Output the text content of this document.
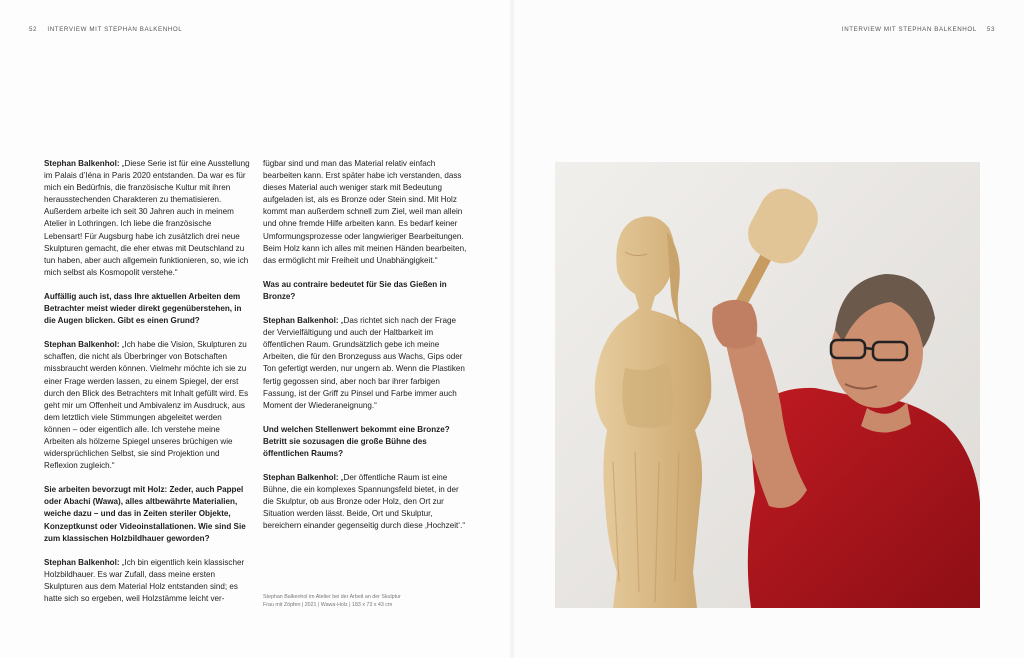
52 INTERVIEW MIT STEPHAN BALKENHOL	INTERVIEW MIT STEPHAN BALKENHOL 53

Stephan Balkenhol: „Diese Serie ist für eine Ausstellung im Palais d’Iéna in Paris 2020 entstanden. Da war es für mich ein Bedürfnis, die französische Kultur mit ihren herausstechenden Charakteren zu thematisieren. Außerdem arbeite ich seit 30 Jahren auch in meinem Atelier in Lothringen. Ich liebe die französische Lebensart! Für Augsburg habe ich zusätzlich drei neue Skulpturen gemacht, die eher etwas mit Deutschland zu tun haben, aber auch allgemein funktionieren, so, wie ich mich selbst als Kosmopolit verstehe.“

Auffällig auch ist, dass Ihre aktuellen Arbeiten dem Betrachter meist wieder direkt gegenüberstehen, in die Augen blicken. Gibt es einen Grund?

Stephan Balkenhol: „Ich habe die Vision, Skulpturen zu schaffen, die nicht als Überbringer von Botschaften missbraucht werden können. Vielmehr möchte ich sie zu einer Frage werden lassen, zu einem Spiegel, der erst durch den Blick des Betrachters mit Inhalt gefüllt wird. Es geht mir um Offenheit und Ambivalenz im Ausdruck, aus dem letztlich viele Stimmungen abgeleitet werden können – oder eigentlich alle. Ich verstehe meine Arbeiten als hölzerne Spiegel unseres brüchigen wie widersprüchlichen Selbst, sie sind Projektion und Reflexion zugleich.“

Sie arbeiten bevorzugt mit Holz: Zeder, auch Pappel oder Abachi (Wawa), alles altbewährte Materialien, weiche dazu – und das in Zeiten steriler Objekte, Konzeptkunst oder Videoinstallationen. Wie sind Sie zum klassischen Holzbildhauer geworden?

Stephan Balkenhol: „Ich bin eigentlich kein klassischer Holzbildhauer. Es war Zufall, dass meine ersten Skulpturen aus dem Material Holz entstanden sind; es hatte sich so ergeben, weil Holzstämme leicht ver-

fügbar sind und man das Material relativ einfach bearbeiten kann. Erst später habe ich verstanden, dass dieses Material auch weniger stark mit Bedeutung aufgeladen ist, als es Bronze oder Stein sind. Mit Holz kommt man außerdem schnell zum Ziel, weil man allein und ohne fremde Hilfe arbeiten kann. Es bedarf keiner Umformungsprozesse oder langwieriger Bearbeitungen. Beim Holz kann ich alles mit meinen Händen bearbeiten, das ermöglicht mir Freiheit und Unabhängigkeit.“

Was au contraire bedeutet für Sie das Gießen in Bronze?

Stephan Balkenhol: „Das richtet sich nach der Frage der Vervielfältigung und auch der Haltbarkeit im öffentlichen Raum. Grundsätzlich gebe ich meine Arbeiten, die für den Bronzeguss aus Wachs, Gips oder Ton gefertigt werden, nur ungern ab. Wenn die Plastiken fertig gegossen sind, aber noch bar ihrer farbigen Fassung, ist der Griff zu Pinsel und Farbe immer auch Moment der Wiederaneignung.“

Und welchen Stellenwert bekommt eine Bronze? Betritt sie sozusagen die große Bühne des öffentlichen Raums?

Stephan Balkenhol: „Der öffentliche Raum ist eine Bühne, die ein komplexes Spannungsfeld bietet, in der die Skulptur, ob aus Bronze oder Holz, den Ort zur Situation werden lässt. Beide, Ort und Skulptur, bereichern einander gegenseitig durch diese ‚Hochzeit‘.“

Stephan Balkenhol im Atelier bei der Arbeit an der Skulptur
Frau mit Zöpfen | 2021 | Wawa-Holz | 183 x 73 x 43 cm
